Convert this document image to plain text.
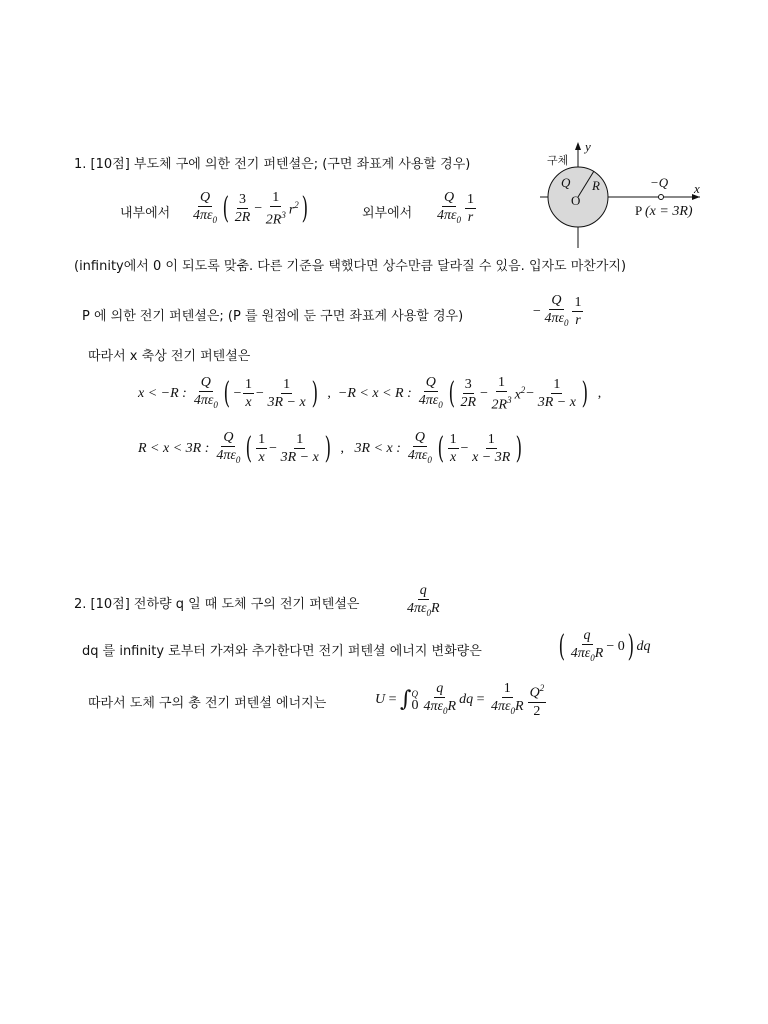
1. [10점] 부도체 구에 의한 전기 퍼텐셜은; (구면 좌표계 사용할 경우)	구체
y
x
Q R
O
−Q
P (x = 3R)
내부에서 $\frac{Q}{4\pi\varepsilon_0}$ ( $\frac{3}{2R} - \frac{1}{2R^3} r^2$ )	외부에서 $\frac{Q}{4\pi\varepsilon_0} \frac{1}{r}$
(infinity에서 0 이 되도록 맞춤. 다른 기준을 택했다면 상수만큼 달라질 수 있음. 입자도 마찬가지)
P 에 의한 전기 퍼텐셜은; (P 를 원점에 둔 구면 좌표계 사용할 경우)	− $\frac{Q}{4\pi\varepsilon_0} \frac{1}{r}$
따라서 x 축상 전기 퍼텐셜은
x < −R : $\frac{Q}{4\pi\varepsilon_0}$ ( − $\frac{1}{x} - \frac{1}{3R - x}$ ) , −R < x < R : $\frac{Q}{4\pi\varepsilon_0}$ ( $\frac{3}{2R} - \frac{1}{2R^3} x^2 - \frac{1}{3R - x}$ ) ,
R < x < 3R : $\frac{Q}{4\pi\varepsilon_0}$ ( $\frac{1}{x} - \frac{1}{3R - x}$ ) , 3R < x : $\frac{Q}{4\pi\varepsilon_0}$ ( $\frac{1}{x} - \frac{1}{x - 3R}$ )
2. [10점] 전하량 q 일 때 도체 구의 전기 퍼텐셜은	$\frac{q}{4\pi\varepsilon_0R}$
dq 를 infinity 로부터 가져와 추가한다면 전기 퍼텐셜 에너지 변화량은	( $\frac{q}{4\pi\varepsilon_0R} - 0$ ) dq
따라서 도체 구의 총 전기 퍼텐셜 에너지는	U = ∫ Q
$0 \frac{q}{4\pi\varepsilon_0R}$ dq = $\frac{1}{4\pi\varepsilon_0R} \frac{Q^2}{2}$
